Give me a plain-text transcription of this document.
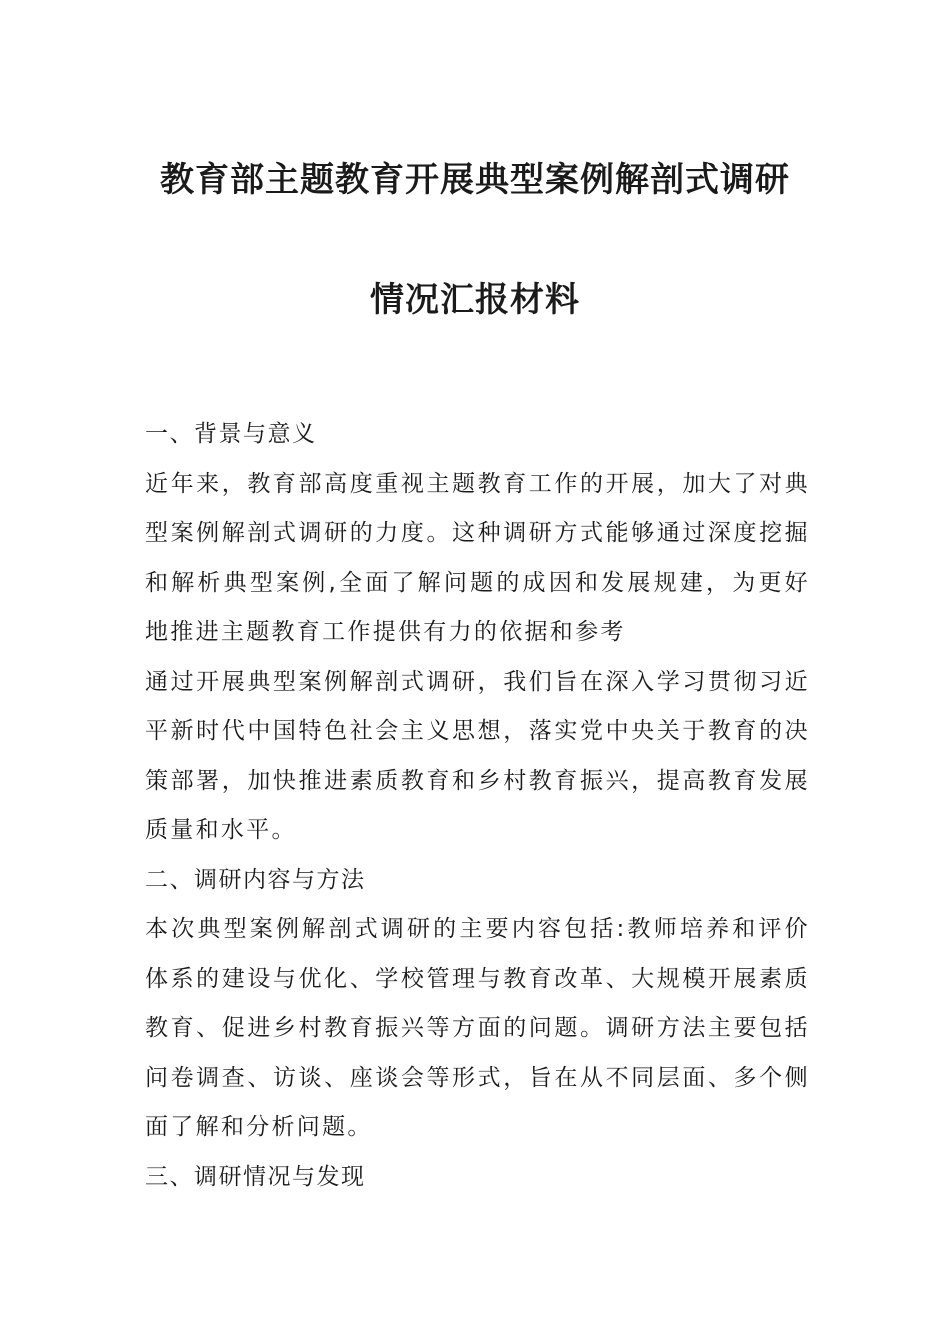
教育部主题教育开展典型案例解剖式调研
情况汇报材料

一、背景与意义

近年来，教育部高度重视主题教育工作的开展，加大了对典型案例解剖式调研的力度。这种调研方式能够通过深度挖掘和解析典型案例,全面了解问题的成因和发展规建，为更好地推进主题教育工作提供有力的依据和参考

通过开展典型案例解剖式调研，我们旨在深入学习贯彻习近平新时代中国特色社会主义思想，落实党中央关于教育的决策部署，加快推进素质教育和乡村教育振兴，提高教育发展质量和水平。

二、调研内容与方法

本次典型案例解剖式调研的主要内容包括:教师培养和评价体系的建设与优化、学校管理与教育改革、大规模开展素质教育、促进乡村教育振兴等方面的问题。调研方法主要包括问卷调查、访谈、座谈会等形式，旨在从不同层面、多个侧面了解和分析问题。

三、调研情况与发现
